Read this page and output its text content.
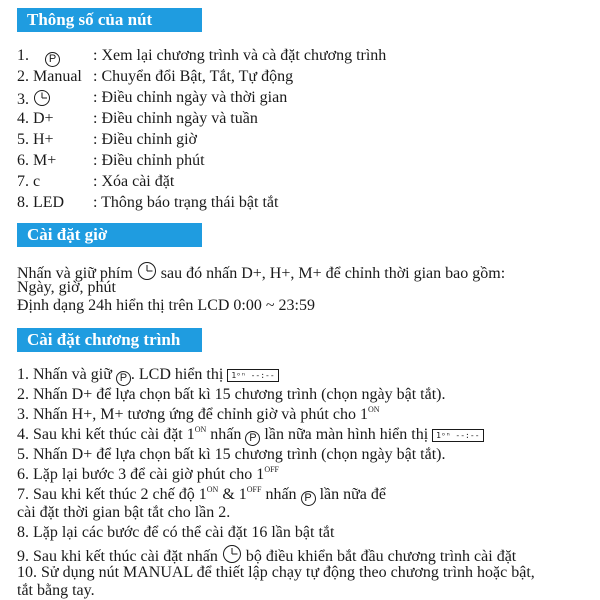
Thông số của nút
1. P : Xem lại chương trình và cà đặt chương trình
2. Manual : Chuyển đổi Bật, Tắt, Tự động
3.	: Điều chỉnh ngày và thời gian
4. D+ : Điều chỉnh ngày và tuần
5. H+ : Điều chỉnh giờ
6. M+ : Điều chỉnh phút
7. c	: Xóa cài đặt
8. LED : Thông báo trạng thái bật tắt
Cài đặt giờ
Nhấn và giữ phím sau đó nhấn D+, H+, M+ để chỉnh thời gian bao gồm:
Ngày, giờ, phút
Định dạng 24h hiển thị trên LCD 0:00 ~ 23:59
Cài đặt chương trình
1. Nhấn và giữ P . LCD hiển thị 1ᵒⁿ --:--
2. Nhấn D+ để lựa chọn bất kì 15 chương trình (chọn ngày bật tắt).
3. Nhấn H+, M+ tương ứng để chỉnh giờ và phút cho $1^{ON}$
4. Sau khi kết thúc cài đặt $1^{ON}$ nhấn P lần nữa màn hình hiển thị 1ᵒⁿ --:--
5. Nhấn D+ để lựa chọn bất kì 15 chương trình (chọn ngày bật tắt).
6. Lặp lại bước 3 để cài giờ phút cho $1^{OFF}$
7. Sau khi kết thúc 2 chế độ $1^{ON}$ & $1^{OFF}$ nhấn P lần nữa để
cài đặt thời gian bật tắt cho lần 2.
8. Lặp lại các bước để có thể cài đặt 16 lần bật tắt
9. Sau khi kết thúc cài đặt nhấn bộ điều khiển bắt đầu chương trình cài đặt
10. Sử dụng nút MANUAL để thiết lập chạy tự động theo chương trình hoặc bật,
tắt bằng tay.
